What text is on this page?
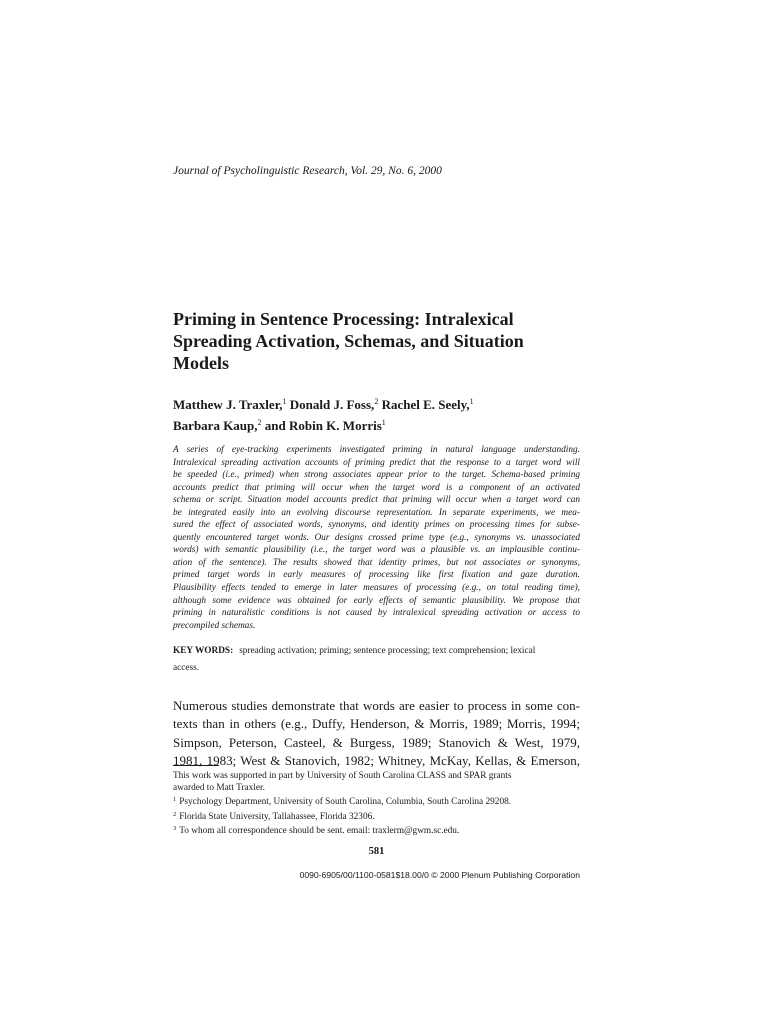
Journal of Psycholinguistic Research, Vol. 29, No. 6, 2000
Priming in Sentence Processing: Intralexical
Spreading Activation, Schemas, and Situation
Models
Matthew J. Traxler,$^1$ Donald J. Foss,$^2$ Rachel E. Seely,$^1$
Barbara Kaup,$^2$ and Robin K. Morris$^1$
A series of eye-tracking experiments investigated priming in natural language understanding.
Intralexical spreading activation accounts of priming predict that the response to a target word will
be speeded (i.e., primed) when strong associates appear prior to the target. Schema-based priming
accounts predict that priming will occur when the target word is a component of an activated
schema or script. Situation model accounts predict that priming will occur when a target word can
be integrated easily into an evolving discourse representation. In separate experiments, we mea-
sured the effect of associated words, synonyms, and identity primes on processing times for subse-
quently encountered target words. Our designs crossed prime type (e.g., synonyms vs. unassociated
words) with semantic plausibility (i.e., the target word was a plausible vs. an implausible continu-
ation of the sentence). The results showed that identity primes, but not associates or synonyms,
primed target words in early measures of processing like first fixation and gaze duration.
Plausibility effects tended to emerge in later measures of processing (e.g., on total reading time),
although some evidence was obtained for early effects of semantic plausibility. We propose that
priming in naturalistic conditions is not caused by intralexical spreading activation or access to
precompiled schemas.
KEY WORDS: spreading activation; priming; sentence processing; text comprehension; lexical
access.
Numerous studies demonstrate that words are easier to process in some con-
texts than in others (e.g., Duffy, Henderson, & Morris, 1989; Morris, 1994;
Simpson, Peterson, Casteel, & Burgess, 1989; Stanovich & West, 1979,
1981, 1983; West & Stanovich, 1982; Whitney, McKay, Kellas, & Emerson,
This work was supported in part by University of South Carolina CLASS and SPAR grants
awarded to Matt Traxler.
$^1$ Psychology Department, University of South Carolina, Columbia, South Carolina 29208.
$^2$ Florida State University, Tallahassee, Florida 32306.
$^3$ To whom all correspondence should be sent. email: traxlerm@gwm.sc.edu.
581
0090-6905/00/1100-0581$18.00/0 © 2000 Plenum Publishing Corporation
